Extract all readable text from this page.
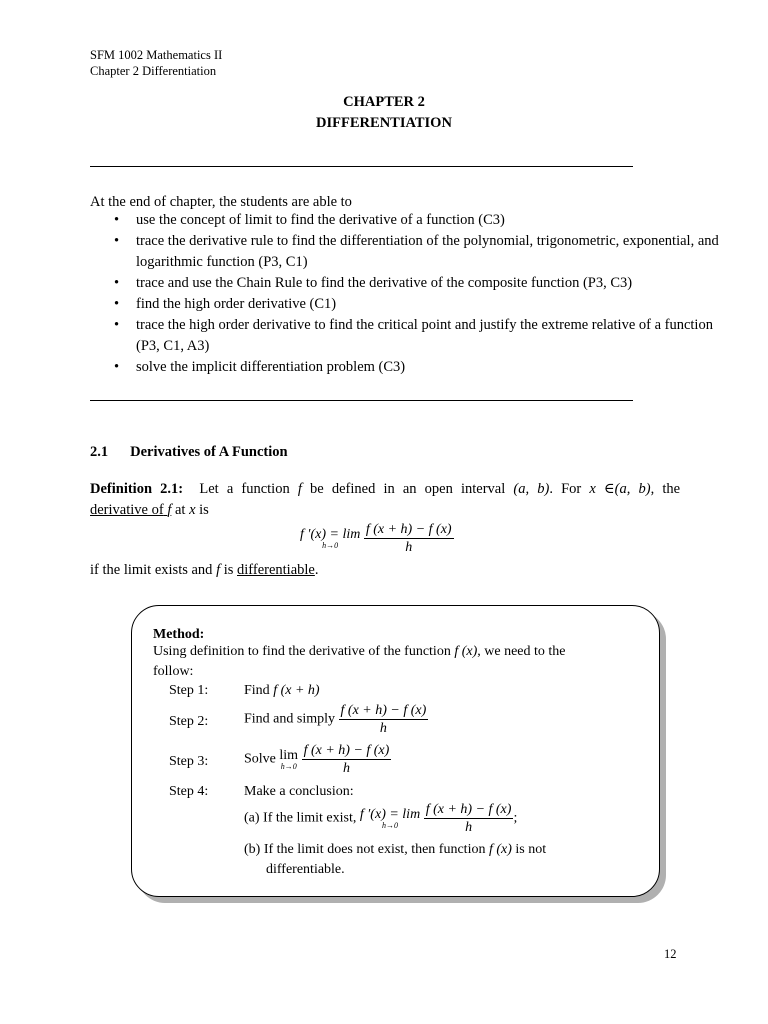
SFM 1002 Mathematics II
Chapter 2 Differentiation
CHAPTER 2
DIFFERENTIATION
At the end of chapter, the students are able to
• use the concept of limit to find the derivative of a function (C3)
• trace the derivative rule to find the differentiation of the polynomial, trigonometric, exponential, and logarithmic function (P3, C1)
• trace and use the Chain Rule to find the derivative of the composite function (P3, C3)
• find the high order derivative (C1)
• trace the high order derivative to find the critical point and justify the extreme relative of a function (P3, C1, A3)
• solve the implicit differentiation problem (C3)
2.1 Derivatives of A Function
Definition 2.1: Let a function f be defined in an open interval (a, b). For x ∈(a, b), the
derivative of f at x is
f ′(x) = lim
h→0
	$\frac{f (x + h) - f (x)}{h}$
if the limit exists and f is differentiable.
Method:
Using definition to find the derivative of the function f (x), we need to the
follow:
Step 1:	Find f (x + h)
Step 2:	Find and simply $\frac{f (x + h) - f (x)}{h}$
Step 3:	Solve lim
h→0
$\frac{f (x + h) - f (x)}{h}$
Step 4:	Make a conclusion:
(a) If the limit exist, f ′(x) = lim
h→0
	$\frac{f (x + h) - f (x)}{h}$ ;
(b) If the limit does not exist, then function f (x) is not
differentiable.
12
